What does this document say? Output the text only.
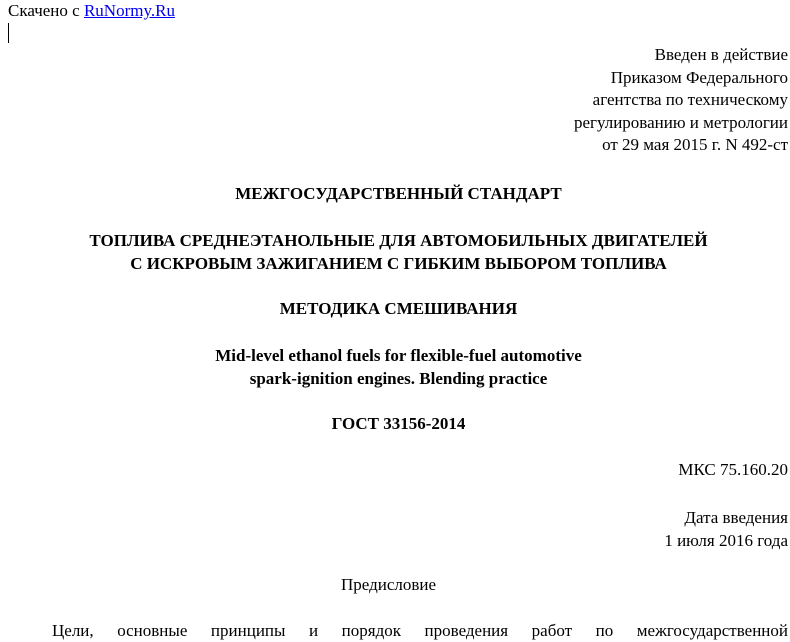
Скачено с RuNormy.Ru
Введен в действие
Приказом Федерального
агентства по техническому
регулированию и метрологии
от 29 мая 2015 г. N 492-ст
МЕЖГОСУДАРСТВЕННЫЙ СТАНДАРТ
ТОПЛИВА СРЕДНЕЭТАНОЛЬНЫЕ ДЛЯ АВТОМОБИЛЬНЫХ ДВИГАТЕЛЕЙ
С ИСКРОВЫМ ЗАЖИГАНИЕМ С ГИБКИМ ВЫБОРОМ ТОПЛИВА
МЕТОДИКА СМЕШИВАНИЯ
Mid-level ethanol fuels for flexible-fuel automotive
spark-ignition engines. Blending practice
ГОСТ 33156-2014
МКС 75.160.20
Дата введения
1 июля 2016 года
Предисловие
Цели, основные принципы и порядок проведения работ по межгосударственной
